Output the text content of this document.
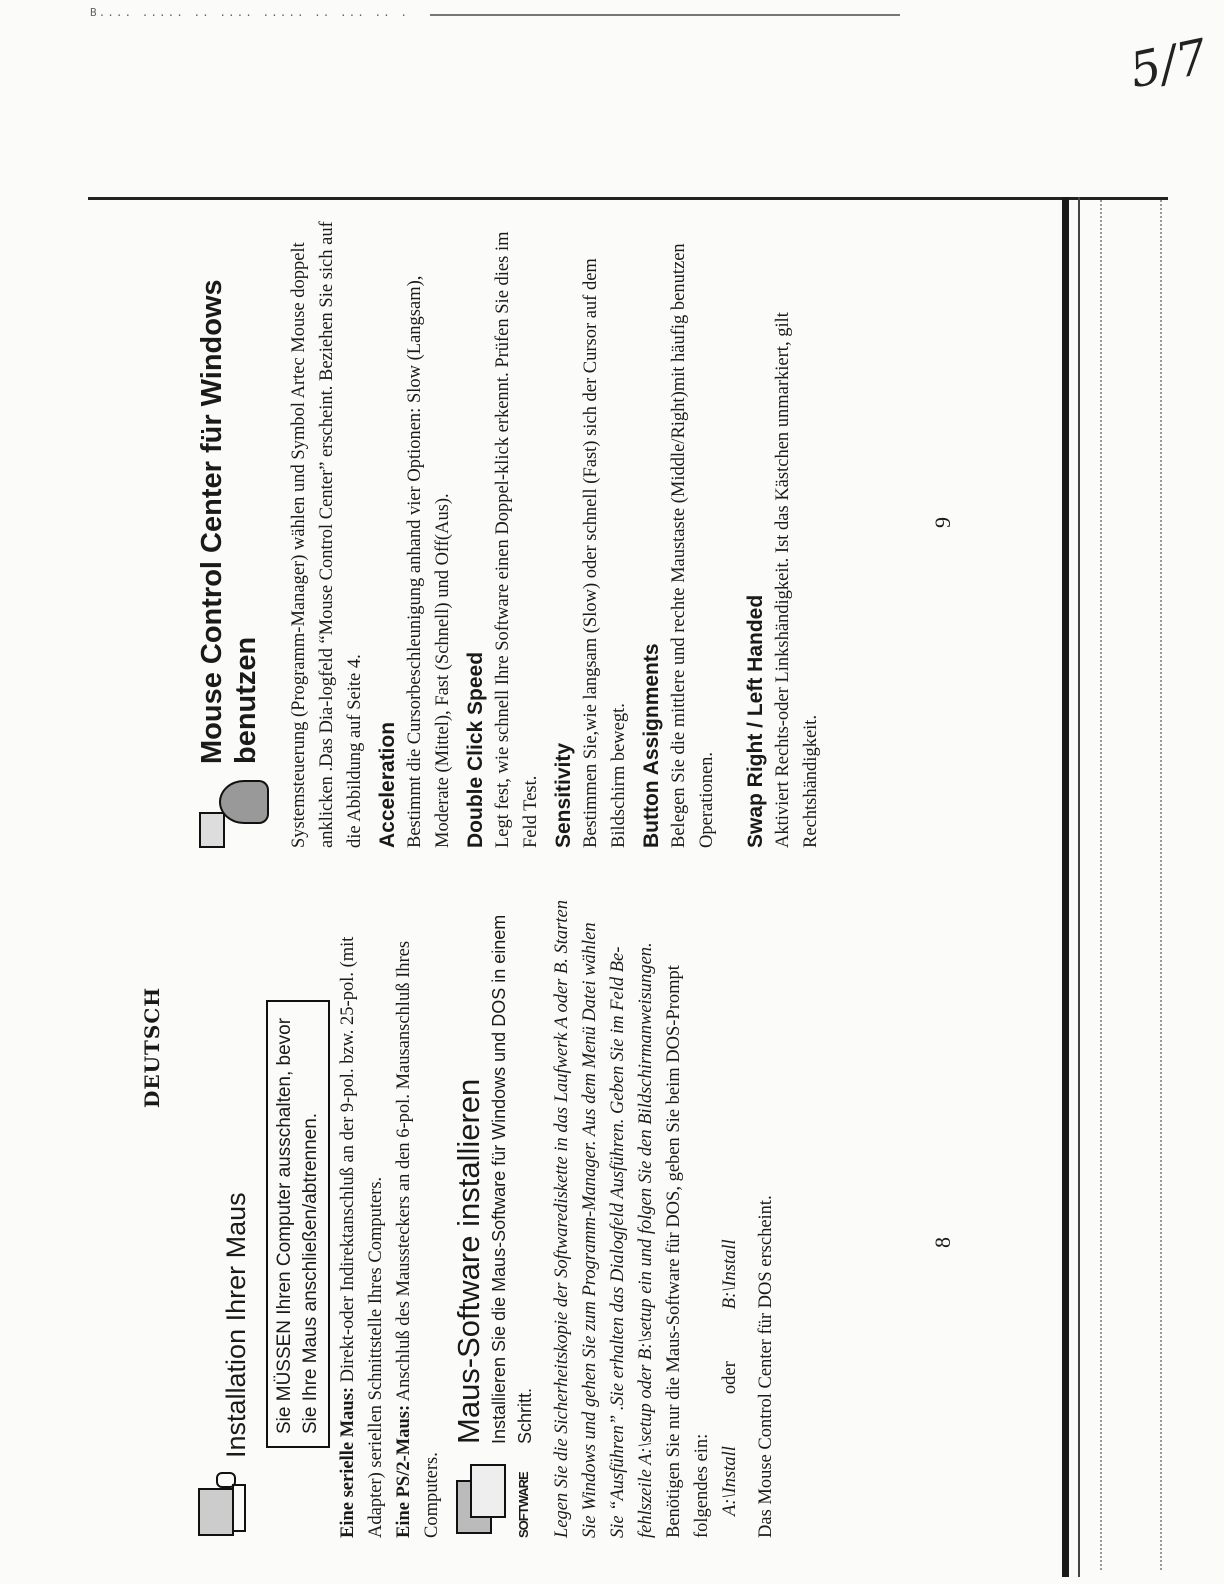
B.... ..... .. .... ..... .. ... .. .
5/7
DEUTSCH
Installation Ihrer Maus	Sie MÜSSEN Ihren Computer ausschalten, bevor Sie Ihre Maus anschließen/abtrennen.

Eine serielle Maus: Direkt-oder Indirektanschluß an der 9-pol. bzw. 25-pol. (mit Adapter) seriellen Schnittstelle Ihres Computers. Eine PS/2-Maus: Anschluß des Maussteckers an den 6-pol. Mausanschluß Ihres Computers.	SOFTWARE
Maus-Software installieren Installieren Sie die Maus-Software für Windows und DOS in einem Schritt. Legen Sie die Sicherheitskopie der Softwarediskette in das Laufwerk A oder B. Starten Sie Windows und gehen Sie zum Programm-Manager. Aus dem Menü Datei wählen Sie “Ausführen” .Sie erhalten das Dialogfeld Ausführen. Geben Sie im Feld Be-fehlszeile A:\setup oder B:\setup ein und folgen Sie den Bildschirmanweisungen. Benötigen Sie nur die Maus-Software für DOS, geben Sie beim DOS-Prompt folgendes ein: A:\Install
oder
B:\Install Das Mouse Control Center für DOS erscheint.	8
Mouse Control Center für Windows benutzen Systemsteuerung (Programm-Manager) wählen und Symbol Artec Mouse doppelt anklicken .Das Dia-logfeld “Mouse Control Center” erscheint. Beziehen Sie sich auf die Abbildung auf Seite 4. Acceleration Bestimmt die Cursorbeschleunigung anhand vier Optionen: Slow (Langsam), Moderate (Mittel), Fast (Schnell) und Off(Aus). Double Click Speed Legt fest, wie schnell Ihre Software einen Doppel-klick erkennt. Prüfen Sie dies im Feld Test. Sensitivity Bestimmen Sie,wie langsam (Slow) oder schnell (Fast) sich der Cursor auf dem Bildschirm bewegt. Button Assignments Belegen Sie die mittlere und rechte Maustaste (Middle/Right)mit häufig benutzen Operationen. Swap Right / Left Handed Aktiviert Rechts-oder Linkshändigkeit. Ist das Kästchen unmarkiert, gilt Rechtshändigkeit.

9
